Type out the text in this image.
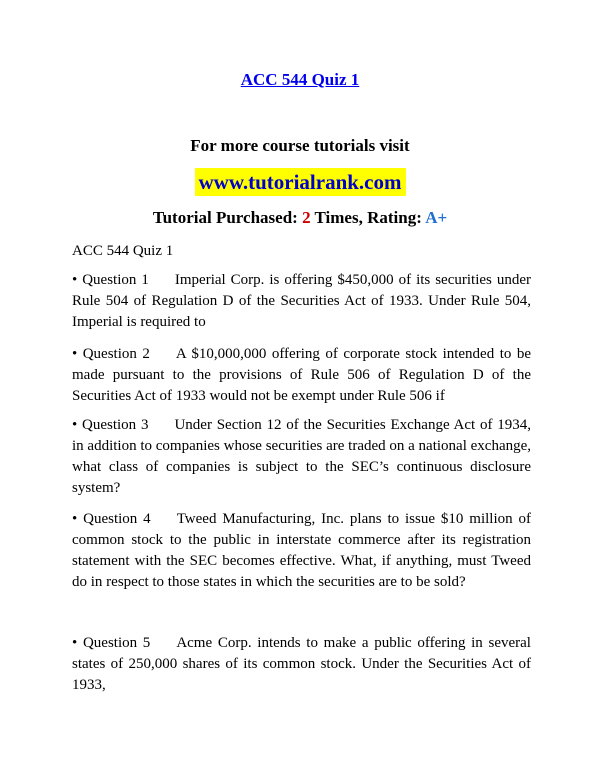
ACC 544 Quiz 1
For more course tutorials visit
www.tutorialrank.com
Tutorial Purchased: 2 Times, Rating: A+
ACC 544 Quiz 1
• Question 1 Imperial Corp. is offering $450,000 of its securities under Rule 504 of Regulation D of the Securities Act of 1933. Under Rule 504, Imperial is required to
• Question 2 A $10,000,000 offering of corporate stock intended to be made pursuant to the provisions of Rule 506 of Regulation D of the Securities Act of 1933 would not be exempt under Rule 506 if
• Question 3 Under Section 12 of the Securities Exchange Act of 1934, in addition to companies whose securities are traded on a national exchange, what class of companies is subject to the SEC’s continuous disclosure system?
• Question 4 Tweed Manufacturing, Inc. plans to issue $10 million of common stock to the public in interstate commerce after its registration statement with the SEC becomes effective. What, if anything, must Tweed do in respect to those states in which the securities are to be sold?
• Question 5 Acme Corp. intends to make a public offering in several states of 250,000 shares of its common stock. Under the Securities Act of 1933,
